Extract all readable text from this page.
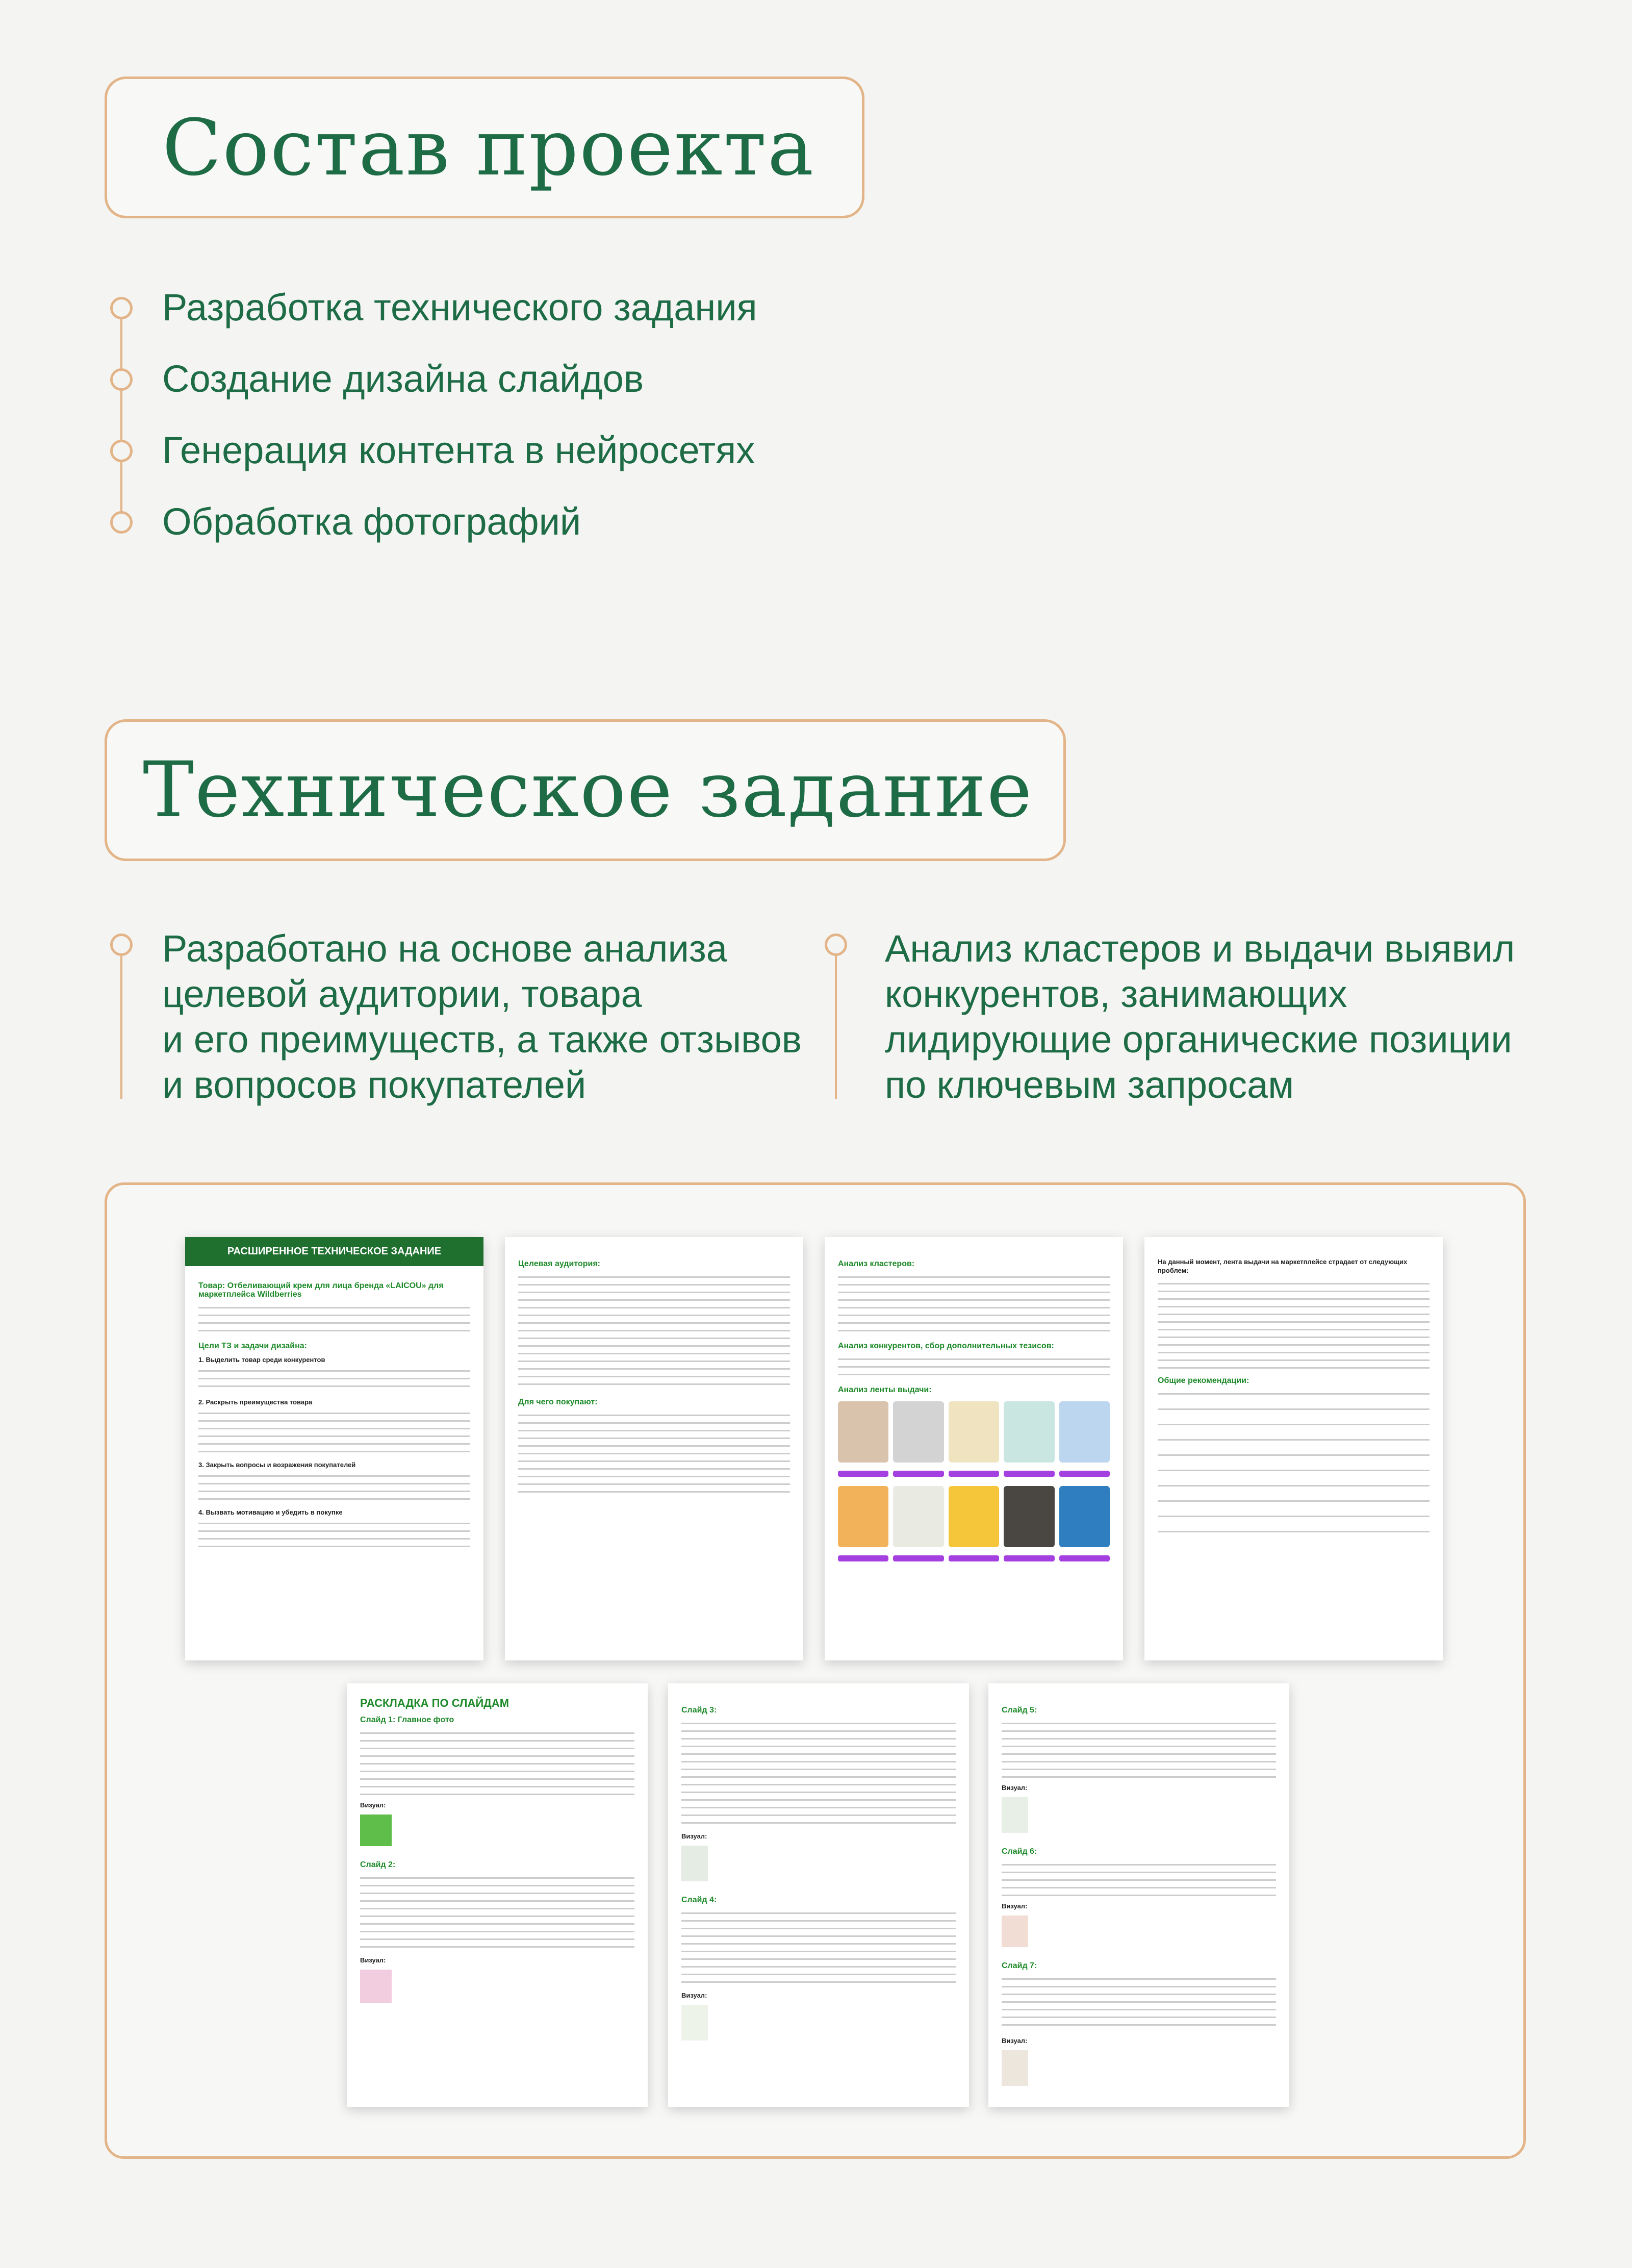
Состав проекта
Разработка технического задания
Создание дизайна слайдов
Генерация контента в нейросетях
Обработка фотографий
Техническое задание
Разработано на основе анализа
целевой аудитории, товара
и его преимуществ, а также отзывов
и вопросов покупателей
Анализ кластеров и выдачи выявил
конкурентов, занимающих
лидирующие органические позиции
по ключевым запросам
РАСШИРЕННОЕ ТЕХНИЧЕСКОЕ ЗАДАНИЕ
Товар: Отбеливающий крем для лица бренда «LAICOU» для маркетплейса Wildberries
Цели ТЗ и задачи дизайна:
1. Выделить товар среди конкурентов
2. Раскрыть преимущества товара
3. Закрыть вопросы и возражения покупателей
4. Вызвать мотивацию и убедить в покупке
Целевая аудитория:
Для чего покупают:
Анализ кластеров:
Анализ конкурентов, сбор дополнительных тезисов:
Анализ ленты выдачи:
На данный момент, лента выдачи на маркетплейсе страдает от следующих проблем:
Общие рекомендации:
РАСКЛАДКА ПО СЛАЙДАМ
Слайд 1: Главное фото
Визуал:
Слайд 2:
Визуал:
Слайд 3:
Визуал:
Слайд 4:
Визуал:
Слайд 5:
Визуал:
Слайд 6:
Визуал:
Слайд 7:
Визуал:
